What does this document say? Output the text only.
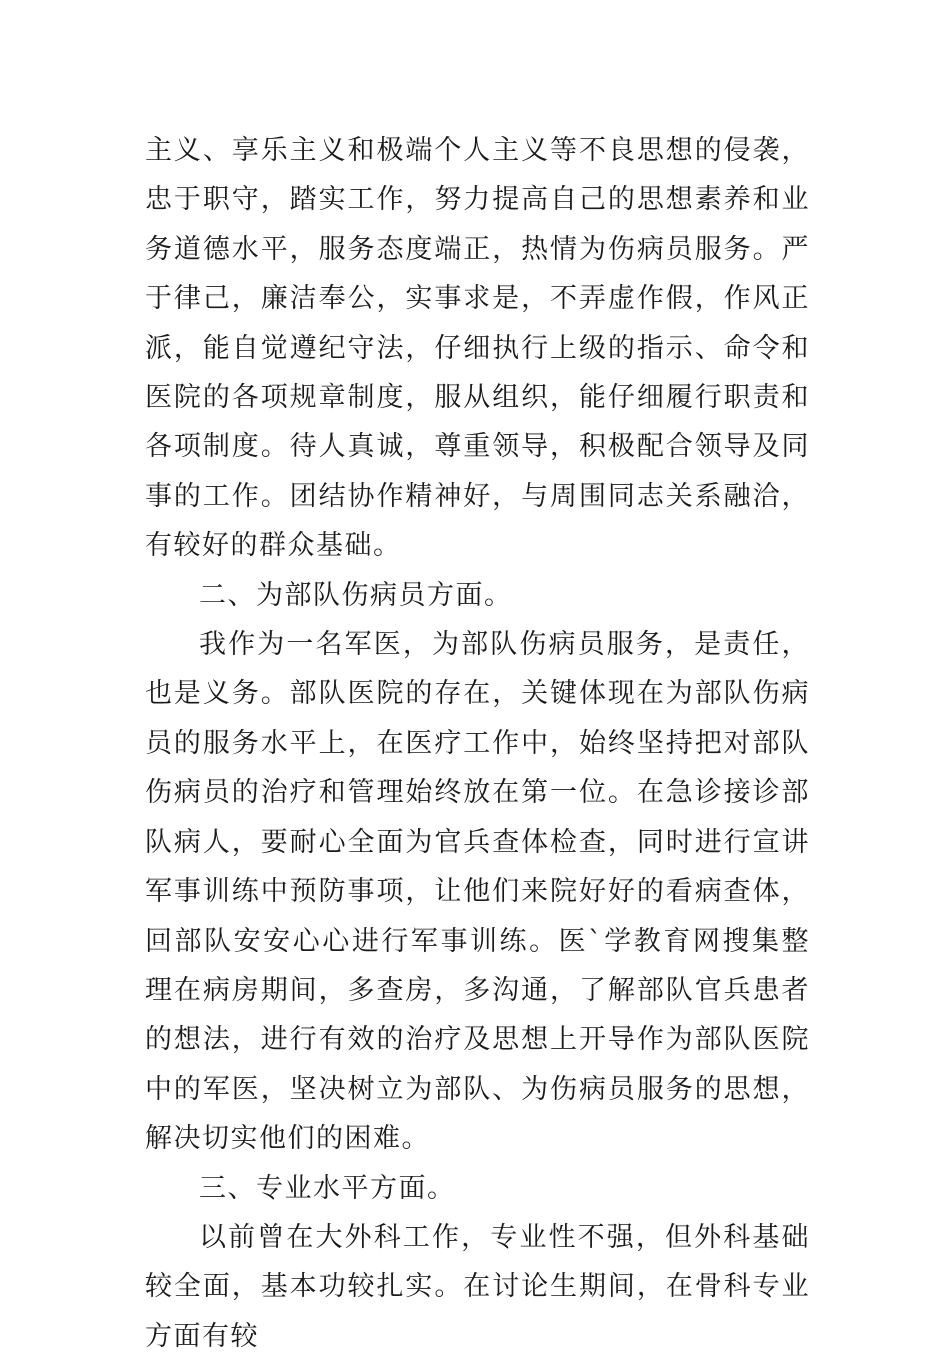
主义、享乐主义和极端个人主义等不良思想的侵袭，忠于职守，踏实工作，努力提高自己的思想素养和业务道德水平，服务态度端正，热情为伤病员服务。严于律己，廉洁奉公，实事求是，不弄虚作假，作风正派，能自觉遵纪守法，仔细执行上级的指示、命令和医院的各项规章制度，服从组织，能仔细履行职责和各项制度。待人真诚，尊重领导，积极配合领导及同事的工作。团结协作精神好，与周围同志关系融洽，有较好的群众基础。

二、为部队伤病员方面。

我作为一名军医，为部队伤病员服务，是责任，也是义务。部队医院的存在，关键体现在为部队伤病员的服务水平上，在医疗工作中，始终坚持把对部队伤病员的治疗和管理始终放在第一位。在急诊接诊部队病人，要耐心全面为官兵查体检查，同时进行宣讲军事训练中预防事项，让他们来院好好的看病查体，回部队安安心心进行军事训练。医`学教育网搜集整理在病房期间，多查房，多沟通，了解部队官兵患者的想法，进行有效的治疗及思想上开导作为部队医院中的军医，坚决树立为部队、为伤病员服务的思想，解决切实他们的困难。

三、专业水平方面。

以前曾在大外科工作，专业性不强，但外科基础较全面，基本功较扎实。在讨论生期间，在骨科专业方面有较
